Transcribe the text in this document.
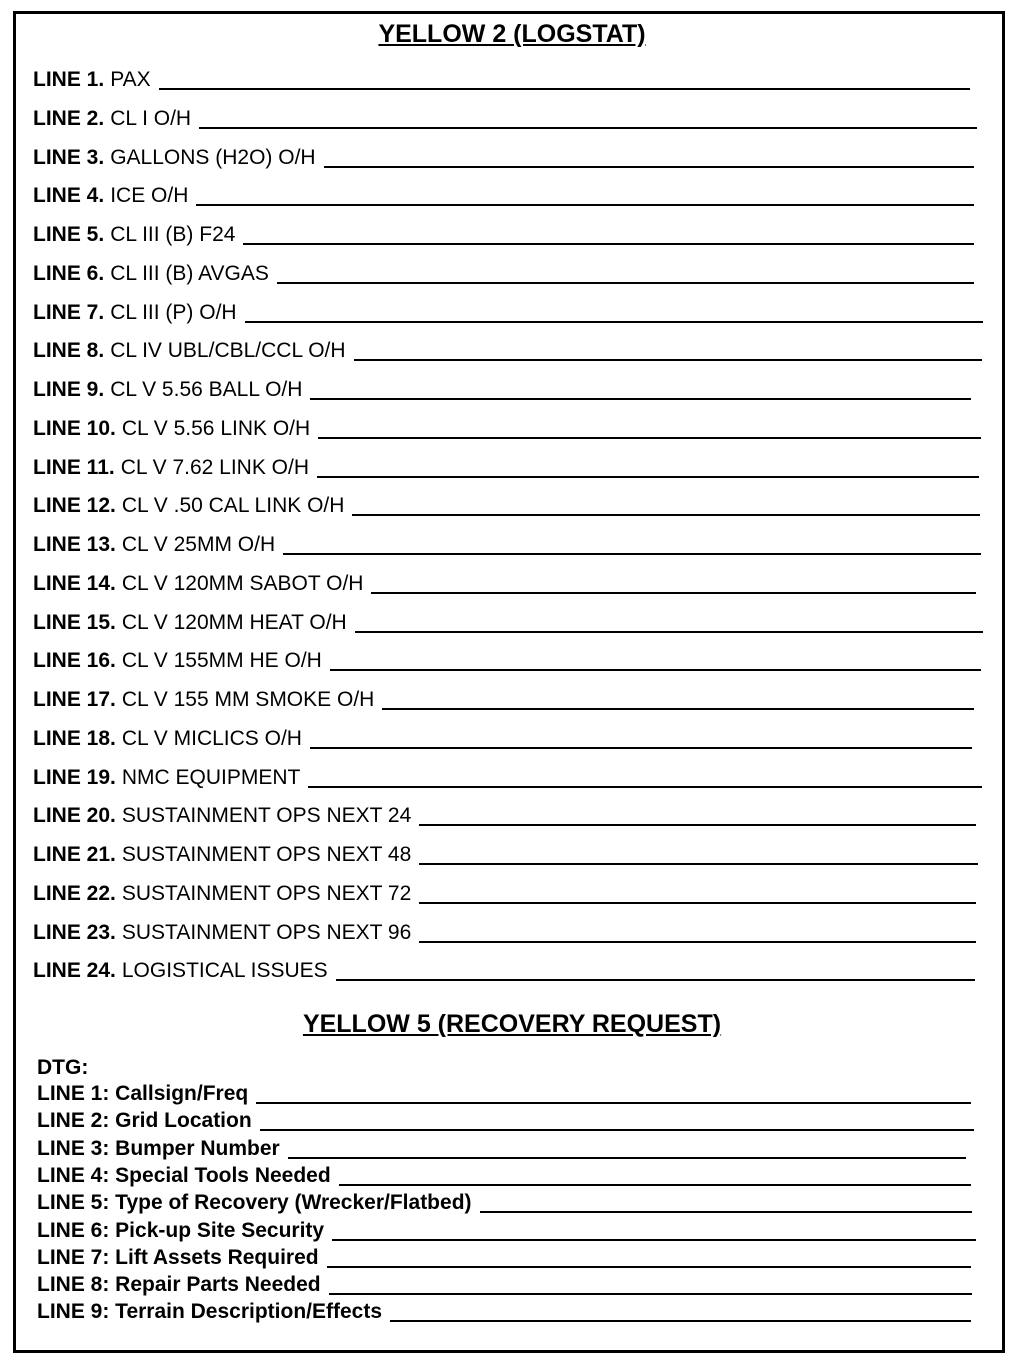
YELLOW 2 (LOGSTAT)
LINE 1. PAX
LINE 2. CL I O/H
LINE 3. GALLONS (H2O) O/H
LINE 4. ICE O/H
LINE 5. CL III (B) F24
LINE 6. CL III (B) AVGAS
LINE 7. CL III (P) O/H
LINE 8. CL IV UBL/CBL/CCL O/H
LINE 9. CL V 5.56 BALL O/H
LINE 10. CL V 5.56 LINK O/H
LINE 11. CL V 7.62 LINK O/H
LINE 12. CL V .50 CAL LINK O/H
LINE 13. CL V 25MM O/H
LINE 14. CL V 120MM SABOT O/H
LINE 15. CL V 120MM HEAT O/H
LINE 16. CL V 155MM HE O/H
LINE 17. CL V 155 MM SMOKE O/H
LINE 18. CL V MICLICS O/H
LINE 19. NMC EQUIPMENT
LINE 20. SUSTAINMENT OPS NEXT 24
LINE 21. SUSTAINMENT OPS NEXT 48
LINE 22. SUSTAINMENT OPS NEXT 72
LINE 23. SUSTAINMENT OPS NEXT 96
LINE 24. LOGISTICAL ISSUES
YELLOW 5 (RECOVERY REQUEST)
DTG:
LINE 1: Callsign/Freq
LINE 2: Grid Location
LINE 3: Bumper Number
LINE 4: Special Tools Needed
LINE 5: Type of Recovery (Wrecker/Flatbed)
LINE 6: Pick-up Site Security
LINE 7: Lift Assets Required
LINE 8: Repair Parts Needed
LINE 9: Terrain Description/Effects
